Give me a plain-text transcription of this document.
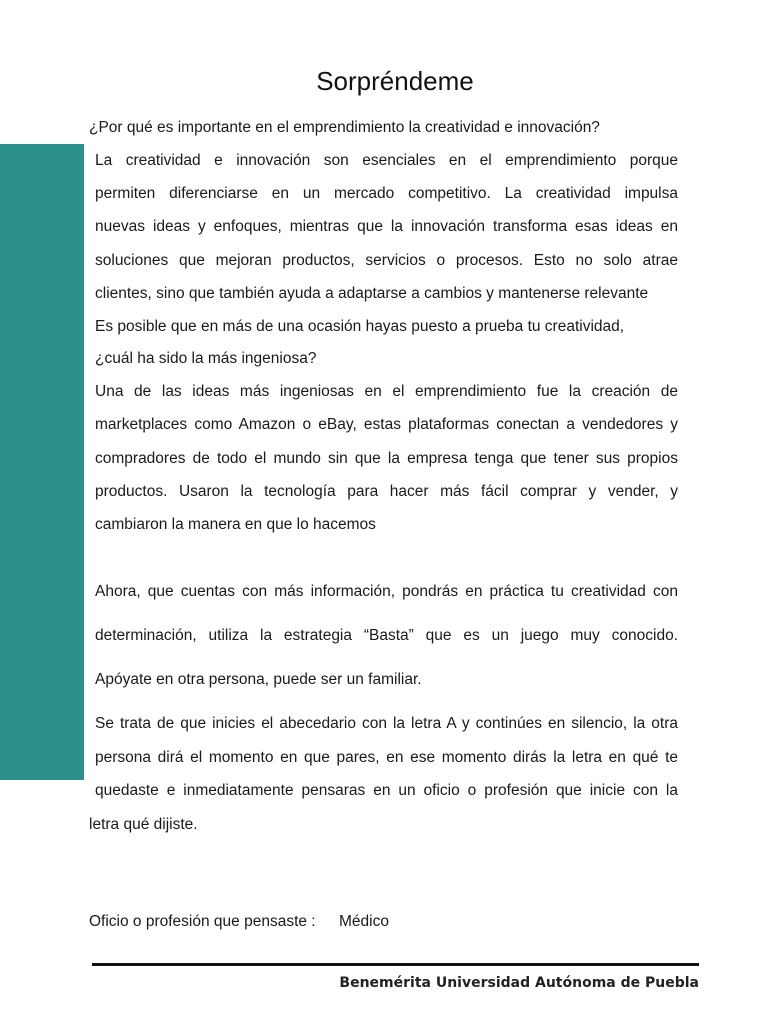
Sorpréndeme

¿Por qué es importante en el emprendimiento la creatividad e innovación?

La creatividad e innovación son esenciales en el emprendimiento porque

permiten diferenciarse en un mercado competitivo. La creatividad impulsa

nuevas ideas y enfoques, mientras que la innovación transforma esas ideas en

soluciones que mejoran productos, servicios o procesos. Esto no solo atrae

clientes, sino que también ayuda a adaptarse a cambios y mantenerse relevante

Es posible que en más de una ocasión hayas puesto a prueba tu creatividad,

¿cuál ha sido la más ingeniosa?

Una de las ideas más ingeniosas en el emprendimiento fue la creación de

marketplaces como Amazon o eBay, estas plataformas conectan a vendedores y

compradores de todo el mundo sin que la empresa tenga que tener sus propios

productos. Usaron la tecnología para hacer más fácil comprar y vender, y

cambiaron la manera en que lo hacemos

Ahora, que cuentas con más información, pondrás en práctica tu creatividad con

determinación, utiliza la estrategia “Basta” que es un juego muy conocido.

Apóyate en otra persona, puede ser un familiar.

Se trata de que inicies el abecedario con la letra A y continúes en silencio, la otra

persona dirá el momento en que pares, en ese momento dirás la letra en qué te

quedaste e inmediatamente pensaras en un oficio o profesión que inicie con la

letra qué dijiste.

Oficio o profesión que pensaste : Médico

Benemérita Universidad Autónoma de Puebla
